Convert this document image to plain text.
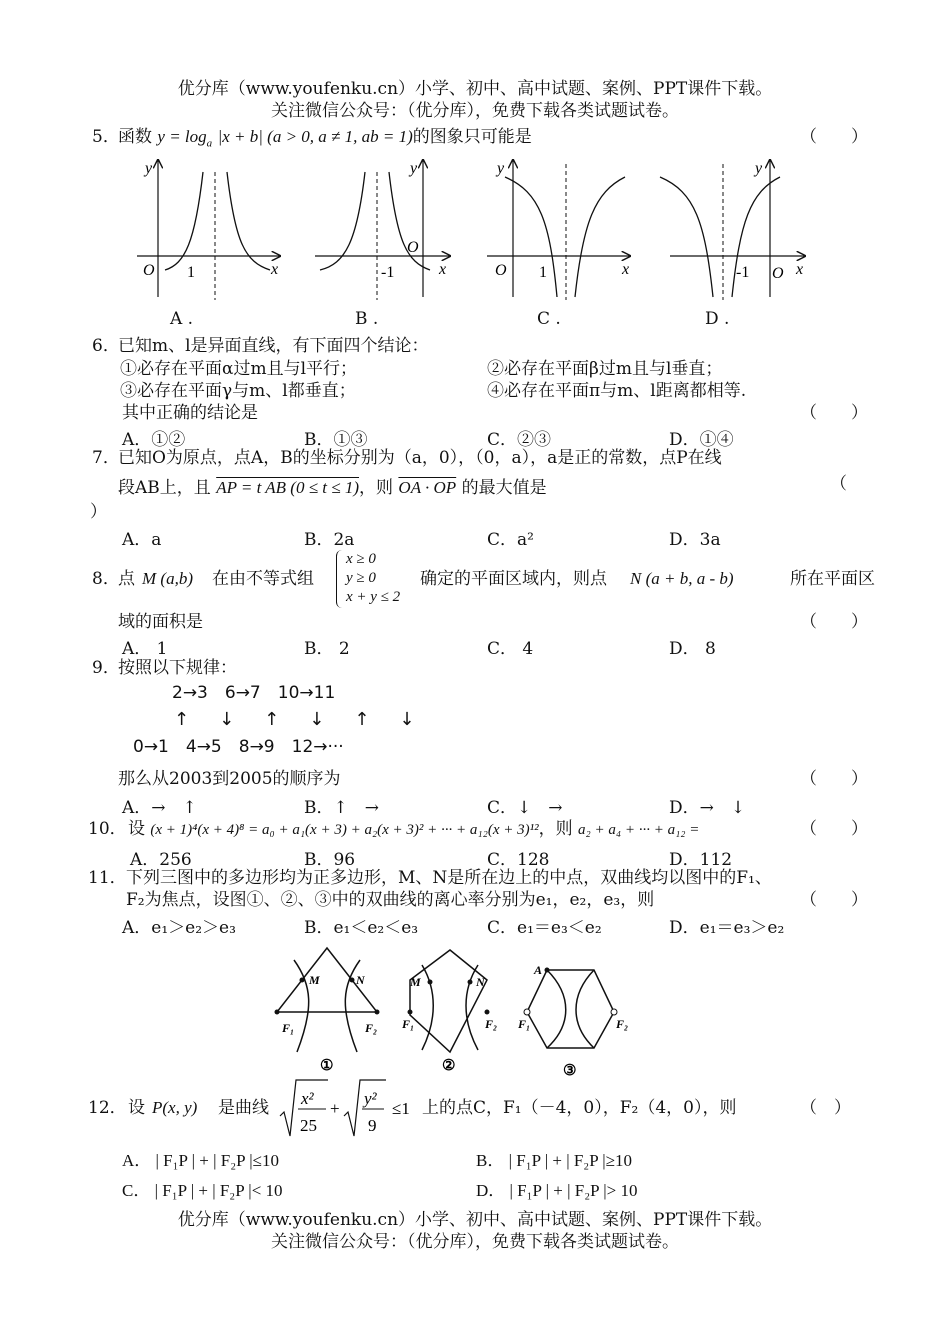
优分库（www.youfenku.cn）小学、初中、高中试题、案例、PPT课件下载。
关注微信公众号：（优分库），免费下载各类试题试卷。
5．
函数 $y = \log_a |x + b|$ (a > 0, a ≠ 1, ab = 1)的图象只可能是	（　　）
y
x
O 1
y
x
O
-1
y
x
O 1
y
x
O
-1
A .	B .	C .	D .
6．
已知m、l是异面直线，有下面四个结论：
①必存在平面α过m且与l平行；	②必存在平面β过m且与l垂直；
③必存在平面γ与m、l都垂直；	④必存在平面π与m、l距离都相等.
其中正确的结论是	（　　）
A．①②	B．①③	C．②③	D．①④
7．
已知O为原点，点A，B的坐标分别为（a，0），（0，a），a是正的常数，点P在线
段AB上，且 AP = t AB (0 ≤ t ≤ 1)，则 OA · OP 的最大值是	（
）
A．a	B．2a	C．a²	D．3a
8．
点 M (a,b) 在由不等式组
x ≥ 0
y ≥ 0
x + y ≤ 2
确定的平面区域内，则点 N (a + b, a - b)	所在平面区
域的面积是	（　　）
A． 1	B． 2	C． 4	D． 8
9．
按照以下规律：
2→3　6→7　10→11
↑　↓　↑　↓　↑　↓
0→1　4→5　8→9　12→···
那么从2003到2005的顺序为	（　　）
A．→　↑	B．↑　→	C．↓　→	D．→　↓
10． 设 (x + 1)⁴(x + 4)⁸ = a₀ + a₁(x + 3) + a₂(x + 3)² + ··· + a₁₂(x + 3)¹²，则 a₂ + a₄ + ··· + a₁₂ =	（　　）
A．256	B．96	C．128	D．112
11． 下列三图中的多边形均为正多边形，M、N是所在边上的中点，双曲线均以图中的F₁、
F₂为焦点，设图①、②、③中的双曲线的离心率分别为e₁，e₂，e₃，则	（　　）
A．e₁＞e₂＞e₃	B．e₁＜e₂＜e₃	C．e₁＝e₃＜e₂	D．e₁＝e₃＞e₂
M	N
F₁	F₂
①
M	N
F₁	F₂
②
A
F₁	F₂
③
12． 设 P(x, y) 是曲线 x²
25
+
y²
9
≤1 上的点C，F₁（－4，0），F₂（4，0），则	（　）
A． | F₁P | + | F₂P |≤10	B． | F₁P | + | F₂P |≥10
C． | F₁P | + | F₂P |< 10	D． | F₁P | + | F₂P |> 10
优分库（www.youfenku.cn）小学、初中、高中试题、案例、PPT课件下载。
关注微信公众号：（优分库），免费下载各类试题试卷。
